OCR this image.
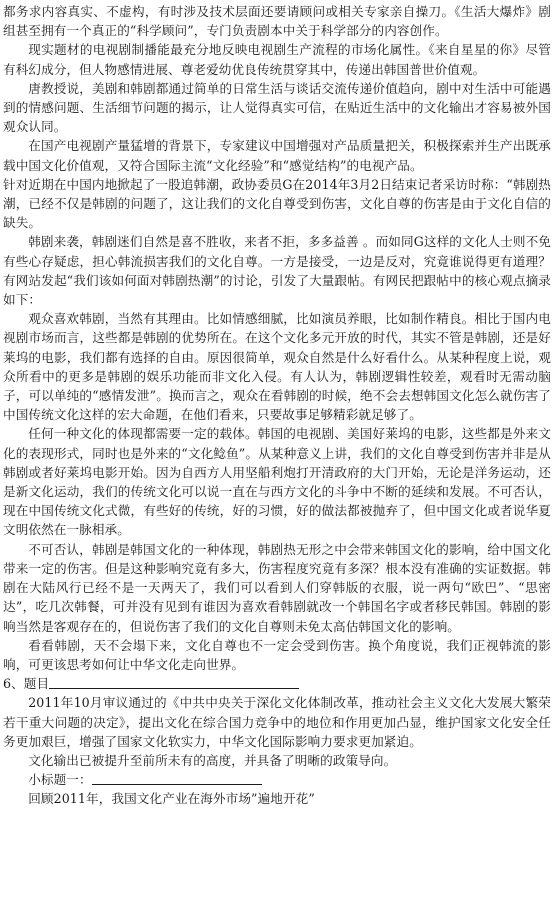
都务求内容真实、不虚构，有时涉及技术层面还要请顾问或相关专家亲自操刀。《生活大爆炸》剧组甚至拥有一个真正的“科学顾问”，专门负责剧本中关于科学部分的内容创作。

现实题材的电视剧制播能最充分地反映电视剧生产流程的市场化属性。《来自星星的你》尽管有科幻成分，但人物感情进展、尊老爱幼优良传统贯穿其中，传递出韩国普世价值观。

唐教授说，美剧和韩剧都通过简单的日常生活与谈话交流传递价值趋向，剧中对生活中可能遇到的情感问题、生活细节问题的揭示，让人觉得真实可信，在贴近生活中的文化输出才容易被外国观众认同。

在国产电视剧产量猛增的背景下，专家建议中国增强对产品质量把关，积极探索并生产出既承载中国文化价值观，又符合国际主流“文化经验”和“感觉结构”的电视产品。

针对近期在中国内地掀起了一股追韩潮，政协委员G在2014年3月2日结束记者采访时称：“韩剧热潮，已经不仅是韩剧的问题了，这让我们的文化自尊受到伤害，文化自尊的伤害是由于文化自信的缺失。

韩剧来袭，韩剧迷们自然是喜不胜收，来者不拒，多多益善 。而如同G这样的文化人士则不免有些心存疑虑，担心韩流损害我们的文化自尊。一方是接受，一边是反对，究竟谁说得更有道理？ 有网站发起“我们该如何面对韩剧热潮”的讨论，引发了大量跟帖。有网民把跟帖中的核心观点摘录如下：

观众喜欢韩剧，当然有其理由。比如情感细腻，比如演员养眼，比如制作精良。相比于国内电视剧市场而言，这些都是韩剧的优势所在。在这个文化多元开放的时代，其实不管是韩剧，还是好莱坞的电影，我们都有选择的自由。原因很简单，观众自然是什么好看什么。从某种程度上说，观众所看中的更多是韩剧的娱乐功能而非文化入侵。有人认为，韩剧逻辑性较差，观看时无需动脑子，可以单纯的“感情发泄”。换而言之，观众在看韩剧的时候，绝不会去想韩国文化怎么就伤害了中国传统文化这样的宏大命题，在他们看来，只要故事足够精彩就足够了。

任何一种文化的体现都需要一定的载体。韩国的电视剧、美国好莱坞的电影，这些都是外来文化的表现形式，同时也是外来的“文化鲶鱼”。从某种意义上讲，我们的文化自尊受到伤害并非是从韩剧或者好莱坞电影开始。因为自西方人用坚船利炮打开清政府的大门开始，无论是洋务运动，还是新文化运动，我们的传统文化可以说一直在与西方文化的斗争中不断的延续和发展。不可否认，现在中国传统文化式微，有些好的传统，好的习惯，好的做法都被抛弃了，但中国文化或者说华夏文明依然在一脉相承。

不可否认，韩剧是韩国文化的一种体现，韩剧热无形之中会带来韩国文化的影响，给中国文化带来一定的伤害。但是这种影响究竟有多大，伤害程度究竟有多深？根本没有准确的实证数据。韩剧在大陆风行已经不是一天两天了，我们可以看到人们穿韩版的衣服，说一两句“欧巴”、“思密达”，吃几次韩餐，可并没有见到有谁因为喜欢看韩剧就改一个韩国名字或者移民韩国。韩剧的影响当然是客观存在的，但说伤害了我们的文化自尊则未免太高估韩国文化的影响。

看看韩剧，天不会塌下来，文化自尊也不一定会受到伤害。换个角度说，我们正视韩流的影响，可更该思考如何让中华文化走向世界。

6、题目

2011年10月审议通过的《中共中央关于深化文化体制改革，推动社会主义文化大发展大繁荣若干重大问题的决定》，提出文化在综合国力竞争中的地位和作用更加凸显，维护国家文化安全任务更加艰巨，增强了国家文化软实力，中华文化国际影响力要求更加紧迫。

文化输出已被提升至前所未有的高度，并具备了明晰的政策导向。

小标题一：

回顾2011年，我国文化产业在海外市场”遍地开花”
